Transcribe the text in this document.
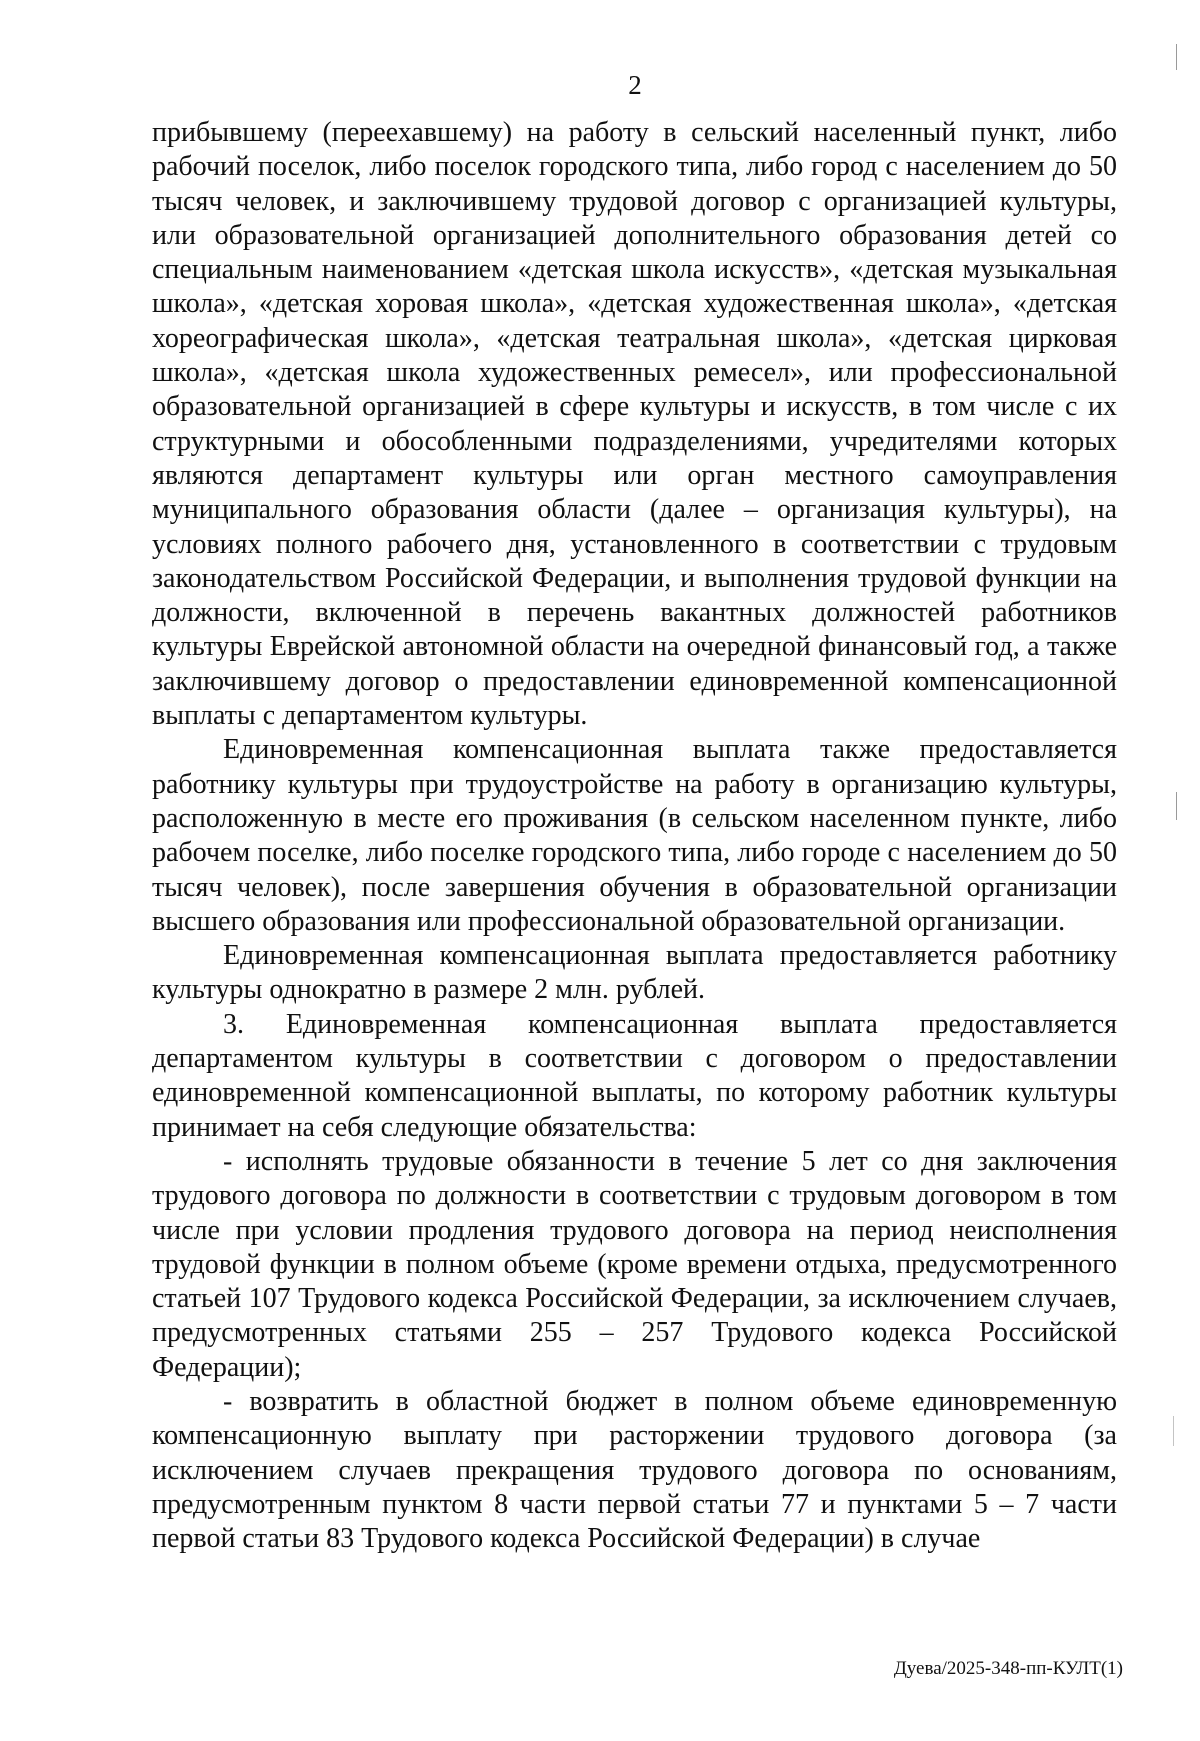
2

прибывшему (переехавшему) на работу в сельский населенный пункт, либо рабочий поселок, либо поселок городского типа, либо город с населением до 50 тысяч человек, и заключившему трудовой договор с организацией культуры, или образовательной организацией дополнительного образования детей со специальным наименованием «детская школа искусств», «детская музыкальная школа», «детская хоровая школа», «детская художественная школа», «детская хореографическая школа», «детская театральная школа», «детская цирковая школа», «детская школа художественных ремесел», или профессиональной образовательной организацией в сфере культуры и искусств, в том числе с их структурными и обособленными подразделениями, учредителями которых являются департамент культуры или орган местного самоуправления муниципального образования области (далее – организация культуры), на условиях полного рабочего дня, установленного в соответствии с трудовым законодательством Российской Федерации, и выполнения трудовой функции на должности, включенной в перечень вакантных должностей работников культуры Еврейской автономной области на очередной финансовый год, а также заключившему договор о предоставлении единовременной компенсационной выплаты с департаментом культуры.

Единовременная компенсационная выплата также предоставляется работнику культуры при трудоустройстве на работу в организацию культуры, расположенную в месте его проживания (в сельском населенном пункте, либо рабочем поселке, либо поселке городского типа, либо городе с населением до 50 тысяч человек), после завершения обучения в образовательной организации высшего образования или профессиональной образовательной организации.

Единовременная компенсационная выплата предоставляется работнику культуры однократно в размере 2 млн. рублей.

3. Единовременная компенсационная выплата предоставляется департаментом культуры в соответствии с договором о предоставлении единовременной компенсационной выплаты, по которому работник культуры принимает на себя следующие обязательства:

- исполнять трудовые обязанности в течение 5 лет со дня заключения трудового договора по должности в соответствии с трудовым договором в том числе при условии продления трудового договора на период неисполнения трудовой функции в полном объеме (кроме времени отдыха, предусмотренного статьей 107 Трудового кодекса Российской Федерации, за исключением случаев, предусмотренных статьями 255 – 257 Трудового кодекса Российской Федерации);

- возвратить в областной бюджет в полном объеме единовременную компенсационную выплату при расторжении трудового договора (за исключением случаев прекращения трудового договора по основаниям, предусмотренным пунктом 8 части первой статьи 77 и пунктами 5 – 7 части первой статьи 83 Трудового кодекса Российской Федерации) в случае

Дуева/2025-348-пп-КУЛТ(1)
